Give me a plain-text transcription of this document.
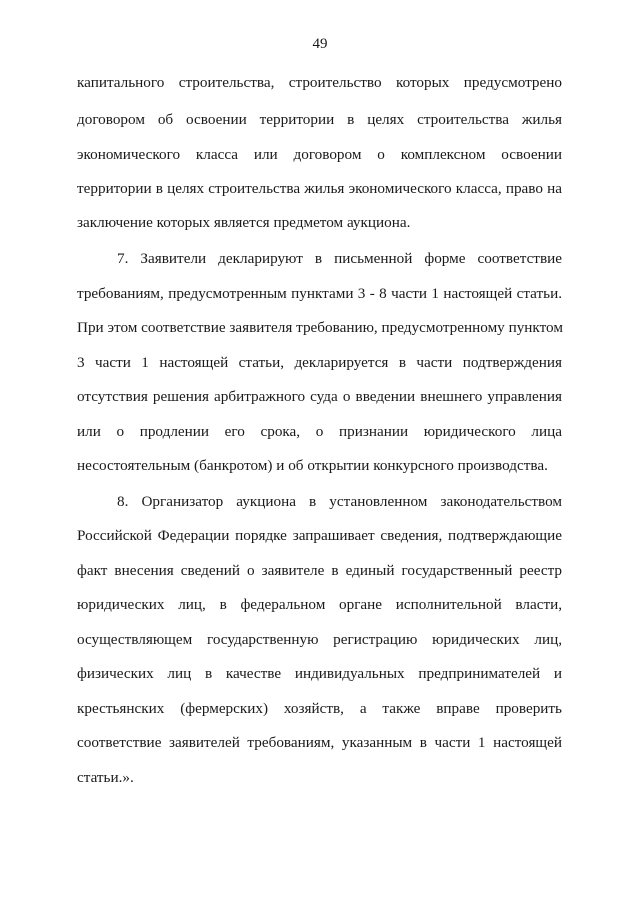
49
капитального строительства, строительство которых предусмотрено
договором об освоении территории в целях строительства жилья
экономического класса или договором о комплексном освоении
территории в целях строительства жилья экономического класса, право на
заключение которых является предметом аукциона.
7. Заявители декларируют в письменной форме соответствие
требованиям, предусмотренным пунктами 3 - 8 части 1 настоящей статьи.
При этом соответствие заявителя требованию, предусмотренному пунктом
3 части 1 настоящей статьи, декларируется в части подтверждения
отсутствия решения арбитражного суда о введении внешнего управления
или о продлении его срока, о признании юридического лица
несостоятельным (банкротом) и об открытии конкурсного производства.
8. Организатор аукциона в установленном законодательством
Российской Федерации порядке запрашивает сведения, подтверждающие
факт внесения сведений о заявителе в единый государственный реестр
юридических лиц, в федеральном органе исполнительной власти,
осуществляющем государственную регистрацию юридических лиц,
физических лиц в качестве индивидуальных предпринимателей и
крестьянских (фермерских) хозяйств, а также вправе проверить
соответствие заявителей требованиям, указанным в части 1 настоящей
статьи.».
